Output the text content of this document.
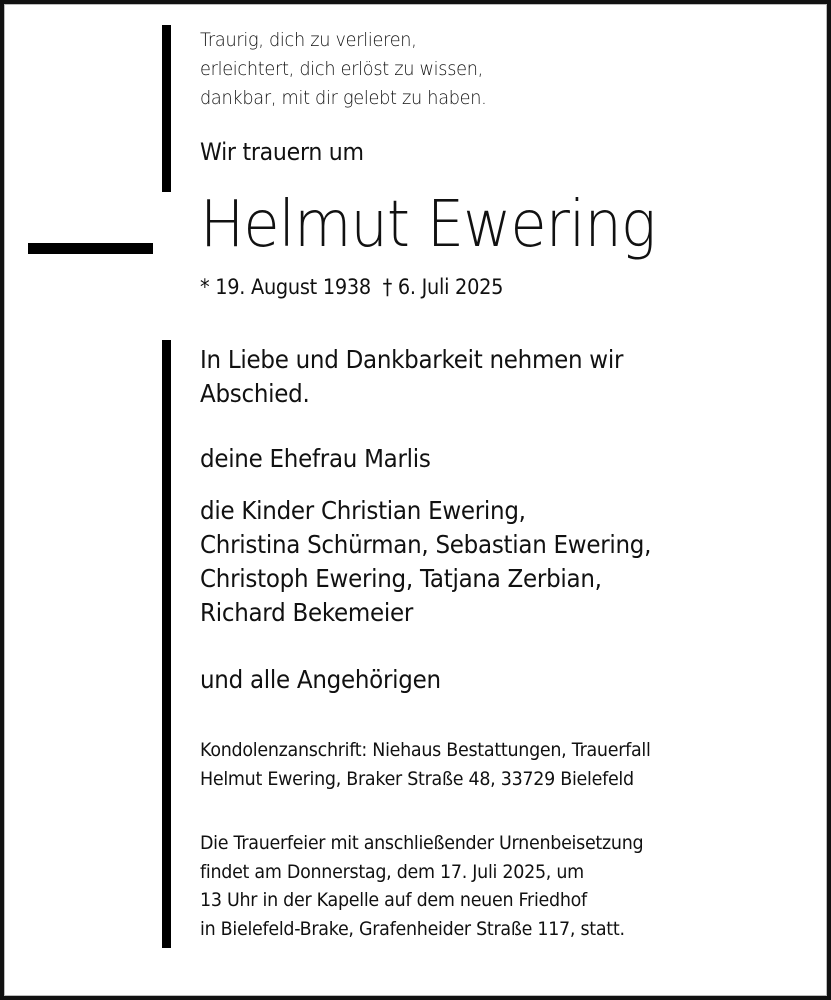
Traurig, dich zu verlieren,
erleichtert, dich erlöst zu wissen,
dankbar, mit dir gelebt zu haben.
Wir trauern um
Helmut Ewering
* 19. August 1938  † 6. Juli 2025
In Liebe und Dankbarkeit nehmen wir
Abschied.
deine Ehefrau Marlis
die Kinder Christian Ewering,
Christina Schürman, Sebastian Ewering,
Christoph Ewering, Tatjana Zerbian,
Richard Bekemeier
und alle Angehörigen
Kondolenzanschrift: Niehaus Bestattungen, Trauerfall
Helmut Ewering, Braker Straße 48, 33729 Bielefeld
Die Trauerfeier mit anschließender Urnenbeisetzung
findet am Donnerstag, dem 17. Juli 2025, um
13 Uhr in der Kapelle auf dem neuen Friedhof
in Bielefeld-Brake, Grafenheider Straße 117, statt.
